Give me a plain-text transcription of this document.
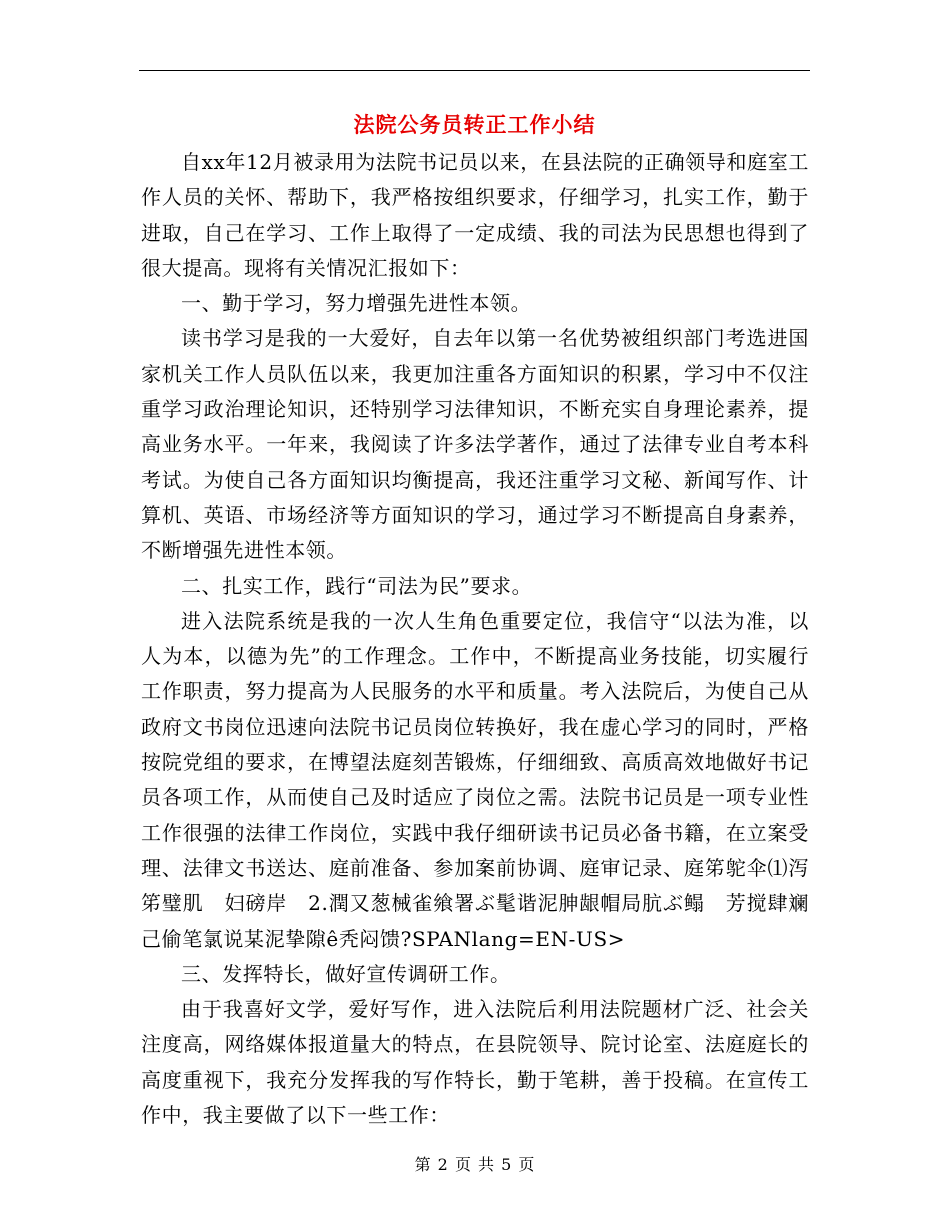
法院公务员转正工作小结

自xx年12月被录用为法院书记员以来，在县法院的正确领导和庭室工作人员的关怀、帮助下，我严格按组织要求，仔细学习，扎实工作，勤于进取，自己在学习、工作上取得了一定成绩、我的司法为民思想也得到了很大提高。现将有关情况汇报如下：

一、勤于学习，努力增强先进性本领。

读书学习是我的一大爱好，自去年以第一名优势被组织部门考选进国家机关工作人员队伍以来，我更加注重各方面知识的积累，学习中不仅注重学习政治理论知识，还特别学习法律知识，不断充实自身理论素养，提高业务水平。一年来，我阅读了许多法学著作，通过了法律专业自考本科考试。为使自己各方面知识均衡提高，我还注重学习文秘、新闻写作、计算机、英语、市场经济等方面知识的学习，通过学习不断提高自身素养，不断增强先进性本领。

二、扎实工作，践行“司法为民”要求。

进入法院系统是我的一次人生角色重要定位，我信守“以法为准，以人为本，以德为先”的工作理念。工作中，不断提高业务技能，切实履行工作职责，努力提高为人民服务的水平和质量。考入法院后，为使自己从政府文书岗位迅速向法院书记员岗位转换好，我在虚心学习的同时，严格按院党组的要求，在博望法庭刻苦锻炼，仔细细致、高质高效地做好书记员各项工作，从而使自己及时适应了岗位之需。法院书记员是一项专业性工作很强的法律工作岗位，实践中我仔细研读书记员必备书籍，在立案受理、法律文书送达、庭前准备、参加案前协调、庭审记录、庭笫鸵伞⑴泻笫璧肌　妇磅岸　2.潤又葱械雀飨署ぶ髦谐泥胂龈帽局肮ぶ鳎　芳搅肆斓己偷笔氯说某泥挚隙ê秃闷馈?SPANlang=EN-US>

三、发挥特长，做好宣传调研工作。

由于我喜好文学，爱好写作，进入法院后利用法院题材广泛、社会关注度高，网络媒体报道量大的特点，在县院领导、院讨论室、法庭庭长的高度重视下，我充分发挥我的写作特长，勤于笔耕，善于投稿。在宣传工作中，我主要做了以下一些工作：

第 2 页 共 5 页
